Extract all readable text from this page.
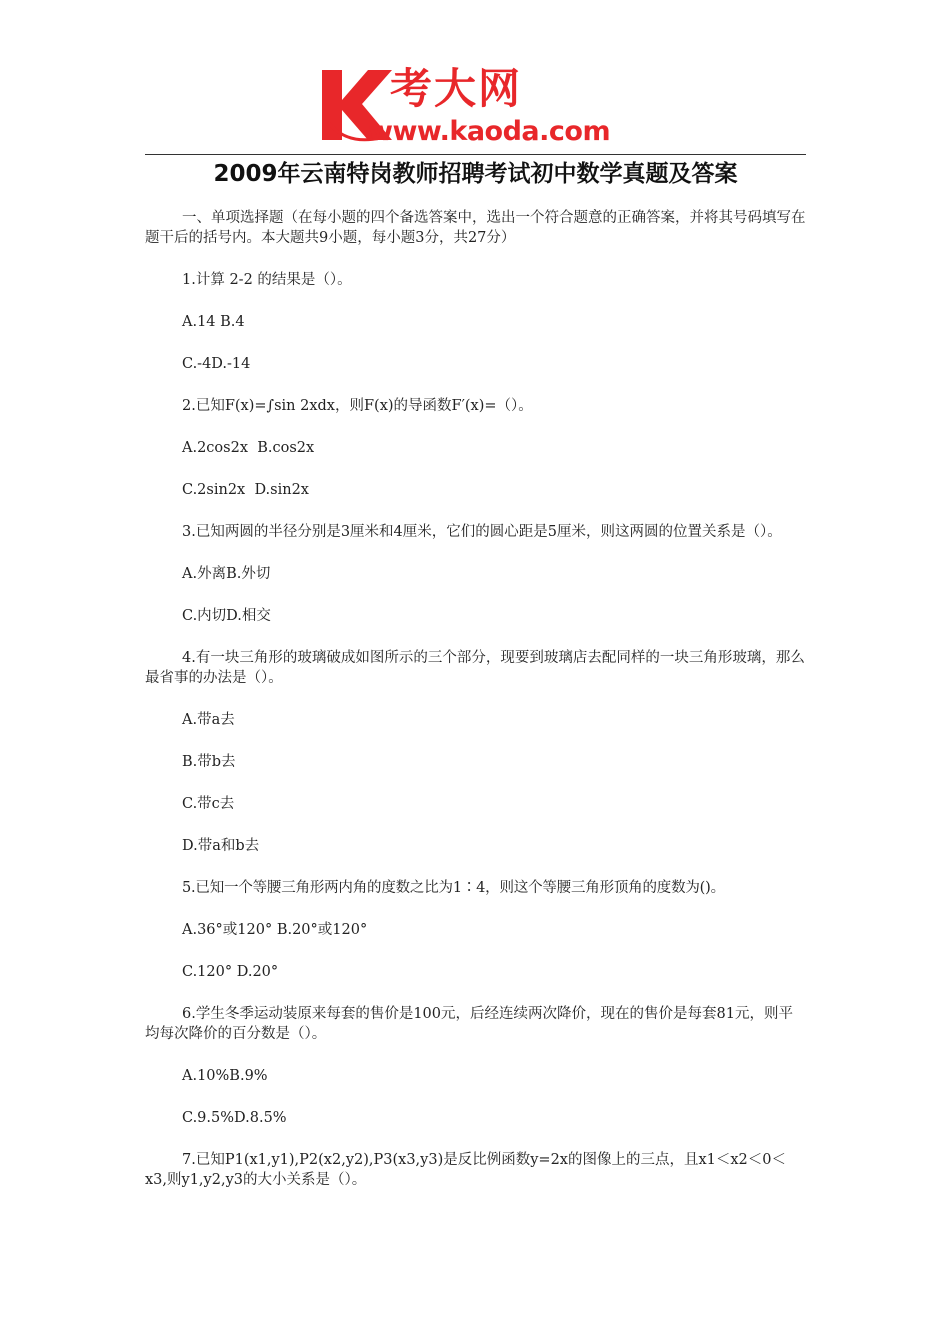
考大网
www.kaoda.com
2009年云南特岗教师招聘考试初中数学真题及答案

一、单项选择题（在每小题的四个备选答案中，选出一个符合题意的正确答案，并将其号码填写在题干后的括号内。本大题共9小题，每小题3分，共27分）

1.计算 2-2 的结果是（）。

A.14 B.4

C.-4D.-14

2.已知F(x)=∫sin 2xdx，则F(x)的导函数F′(x)=（）。

A.2cos2x  B.cos2x

C.2sin2x  D.sin2x

3.已知两圆的半径分别是3厘米和4厘米，它们的圆心距是5厘米，则这两圆的位置关系是（）。

A.外离B.外切

C.内切D.相交

4.有一块三角形的玻璃破成如图所示的三个部分，现要到玻璃店去配同样的一块三角形玻璃，那么最省事的办法是（）。

A.带a去

B.带b去

C.带c去

D.带a和b去

5.已知一个等腰三角形两内角的度数之比为1∶4，则这个等腰三角形顶角的度数为()。

A.36°或120° B.20°或120°

C.120° D.20°

6.学生冬季运动装原来每套的售价是100元，后经连续两次降价，现在的售价是每套81元，则平均每次降价的百分数是（）。

A.10%B.9%

C.9.5%D.8.5%

7.已知P1(x1,y1),P2(x2,y2),P3(x3,y3)是反比例函数y=2x的图像上的三点，且x1＜x2＜0＜x3,则y1,y2,y3的大小关系是（）。
